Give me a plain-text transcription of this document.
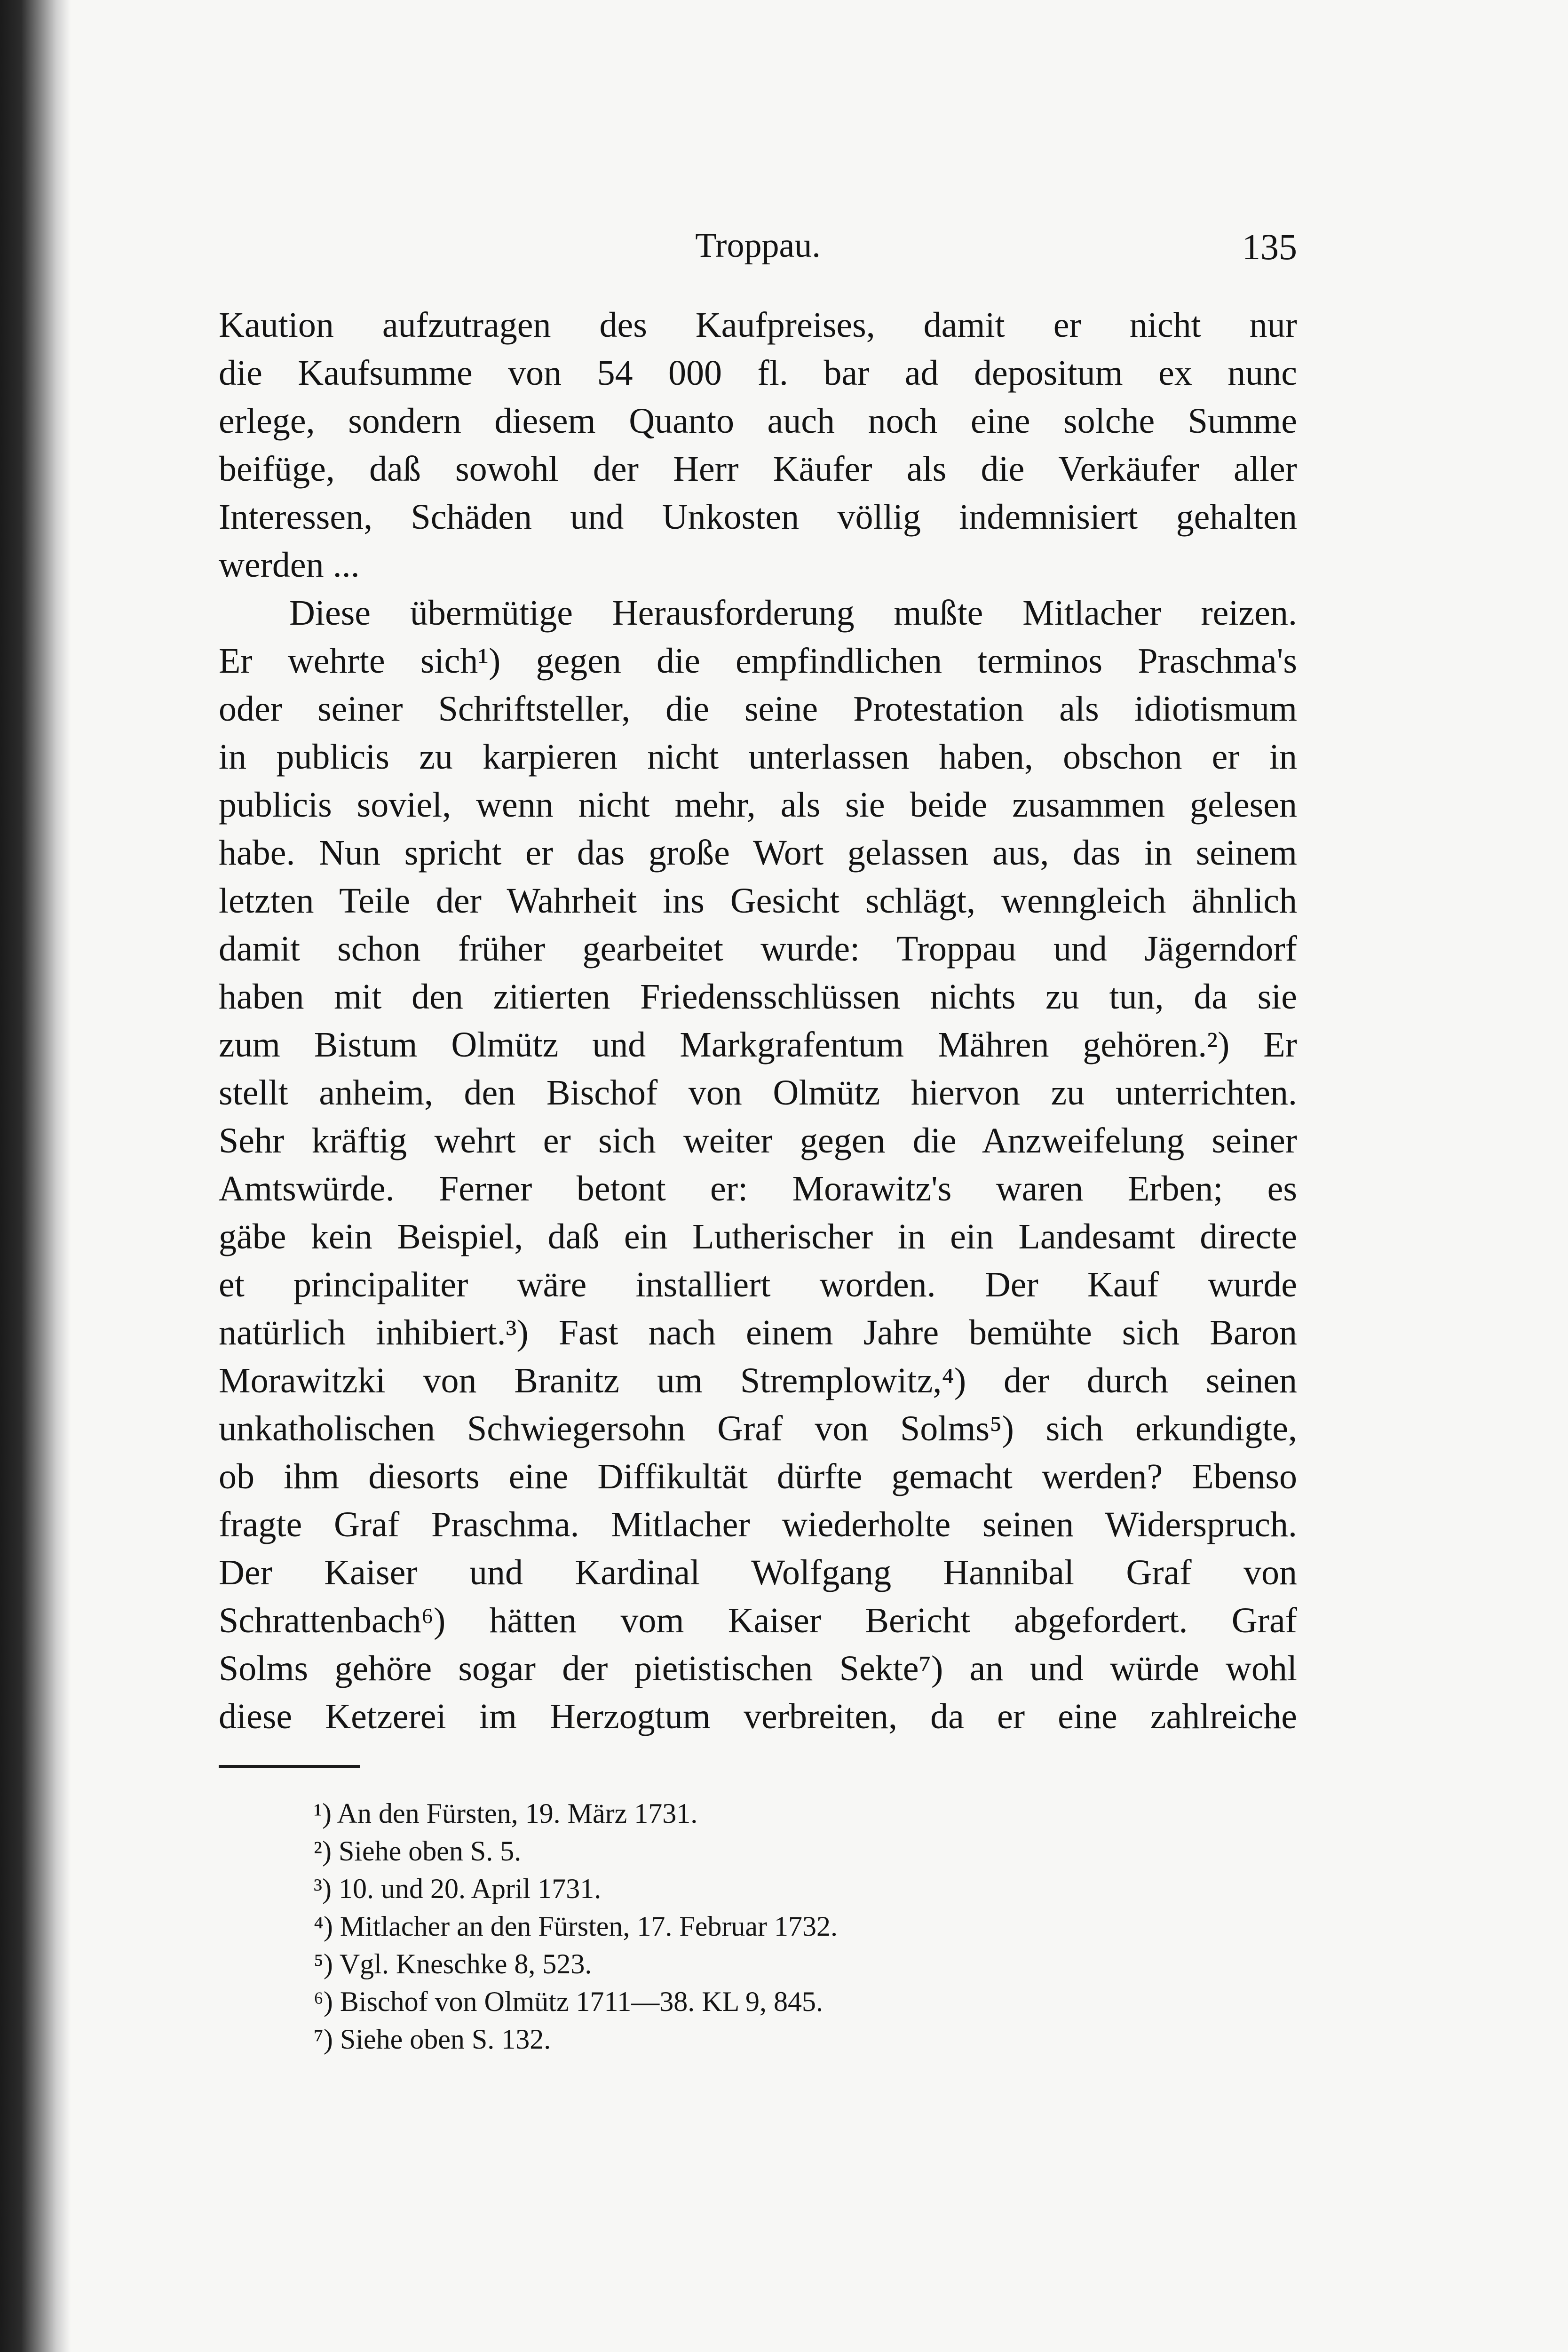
Troppau.	135
Kaution aufzutragen des Kaufpreises, damit er nicht nur
die Kaufsumme von 54 000 fl. bar ad depositum ex nunc
erlege, sondern diesem Quanto auch noch eine solche Summe
beifüge, daß sowohl der Herr Käufer als die Verkäufer aller
Interessen, Schäden und Unkosten völlig indemnisiert gehalten
werden ...
Diese übermütige Herausforderung mußte Mitlacher reizen.
Er wehrte sich¹) gegen die empfindlichen terminos Praschma's
oder seiner Schriftsteller, die seine Protestation als idiotismum
in publicis zu karpieren nicht unterlassen haben, obschon er in
publicis soviel, wenn nicht mehr, als sie beide zusammen gelesen
habe. Nun spricht er das große Wort gelassen aus, das in seinem
letzten Teile der Wahrheit ins Gesicht schlägt, wenngleich ähnlich
damit schon früher gearbeitet wurde: Troppau und Jägerndorf
haben mit den zitierten Friedensschlüssen nichts zu tun, da sie
zum Bistum Olmütz und Markgrafentum Mähren gehören.²) Er
stellt anheim, den Bischof von Olmütz hiervon zu unterrichten.
Sehr kräftig wehrt er sich weiter gegen die Anzweifelung seiner
Amtswürde. Ferner betont er: Morawitz's waren Erben; es
gäbe kein Beispiel, daß ein Lutherischer in ein Landesamt directe
et principaliter wäre installiert worden. Der Kauf wurde
natürlich inhibiert.³) Fast nach einem Jahre bemühte sich Baron
Morawitzki von Branitz um Stremplowitz,⁴) der durch seinen
unkatholischen Schwiegersohn Graf von Solms⁵) sich erkundigte,
ob ihm diesorts eine Diffikultät dürfte gemacht werden? Ebenso
fragte Graf Praschma. Mitlacher wiederholte seinen Widerspruch.
Der Kaiser und Kardinal Wolfgang Hannibal Graf von
Schrattenbach⁶) hätten vom Kaiser Bericht abgefordert. Graf
Solms gehöre sogar der pietistischen Sekte⁷) an und würde wohl
diese Ketzerei im Herzogtum verbreiten, da er eine zahlreiche
¹) An den Fürsten, 19. März 1731.
²) Siehe oben S. 5.
³) 10. und 20. April 1731.
⁴) Mitlacher an den Fürsten, 17. Februar 1732.
⁵) Vgl. Kneschke 8, 523.
⁶) Bischof von Olmütz 1711—38. KL 9, 845.
⁷) Siehe oben S. 132.
